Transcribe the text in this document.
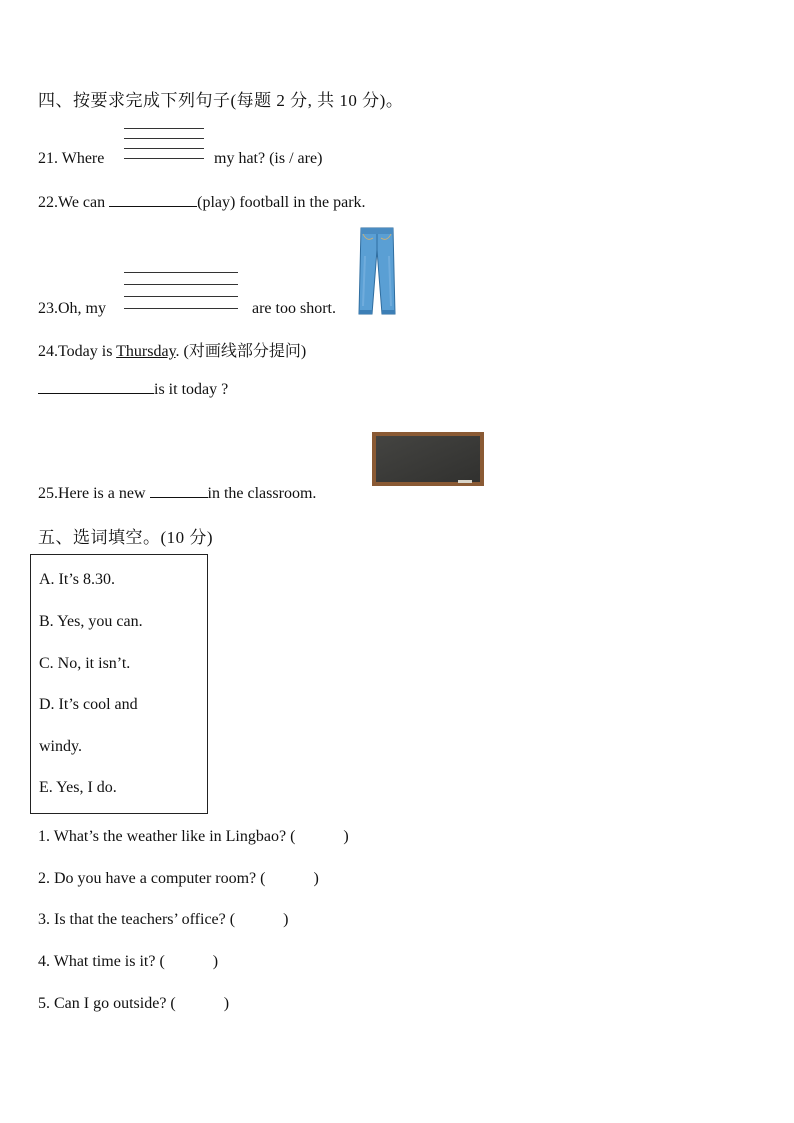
四、按要求完成下列句子(每题 2 分, 共 10 分)。
21. Where	my hat? (is / are)
22.We can	(play) football in the park.
23.Oh, my	are too short.
24.Today is Thursday. (对画线部分提问)
is it today ?
25.Here is a new	in the classroom.
五、选词填空。(10 分)
A. It’s 8.30.
B. Yes, you can.
C. No, it isn’t.
D. It’s cool and
windy.
E. Yes, I do.
1. What’s the weather like in Lingbao? (            )
2. Do you have a computer room? (            )
3. Is that the teachers’ office? (            )
4. What time is it? (            )
5. Can I go outside? (            )
